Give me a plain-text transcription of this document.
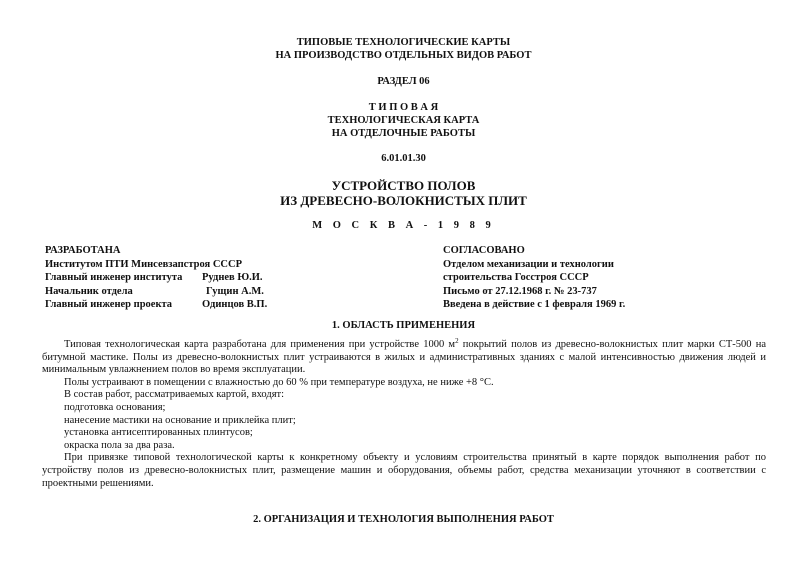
ТИПОВЫЕ ТЕХНОЛОГИЧЕСКИЕ КАРТЫ
НА ПРОИЗВОДСТВО ОТДЕЛЬНЫХ ВИДОВ РАБОТ
РАЗДЕЛ 06
Т И П О В А Я
ТЕХНОЛОГИЧЕСКАЯ КАРТА
НА ОТДЕЛОЧНЫЕ РАБОТЫ
6.01.01.30
УСТРОЙСТВО ПОЛОВ
ИЗ ДРЕВЕСНО-ВОЛОКНИСТЫХ ПЛИТ
М О С К В А - 1 9 8 9
РАЗРАБОТАНА
Институтом ПТИ Минсевзапстроя СССР
Главный инженер института Руднев Ю.И.
Начальник отдела	Гущин А.М.
Главный инженер проекта	Одинцов В.П.
СОГЛАСОВАНО
Отделом механизации и технологии
строительства Госстроя СССР
Письмо от 27.12.1968 г. № 23-737
Введена в действие с 1 февраля 1969 г.
1. ОБЛАСТЬ ПРИМЕНЕНИЯ

Типовая технологическая карта разработана для применения при устройстве 1000 $м^2$ покрытий полов из древесно-волокнистых плит марки СТ-500 на битумной мастике. Полы из древесно-волокнистых плит устраиваются в жилых и административных зданиях с малой интенсивностью движения людей и минимальным увлажнением полов во время эксплуатации.

Полы устраивают в помещении с влажностью до 60 % при температуре воздуха, не ниже +8 °С.

В состав работ, рассматриваемых картой, входят:

подготовка основания;

нанесение мастики на основание и приклейка плит;

установка антисептированных плинтусов;

окраска пола за два раза.

При привязке типовой технологической карты к конкретному объекту и условиям строительства принятый в карте порядок выполнения работ по устройству полов из древесно-волокнистых плит, размещение машин и оборудования, объемы работ, средства механизации уточняют в соответствии с проектными решениями.

2. ОРГАНИЗАЦИЯ И ТЕХНОЛОГИЯ ВЫПОЛНЕНИЯ РАБОТ
